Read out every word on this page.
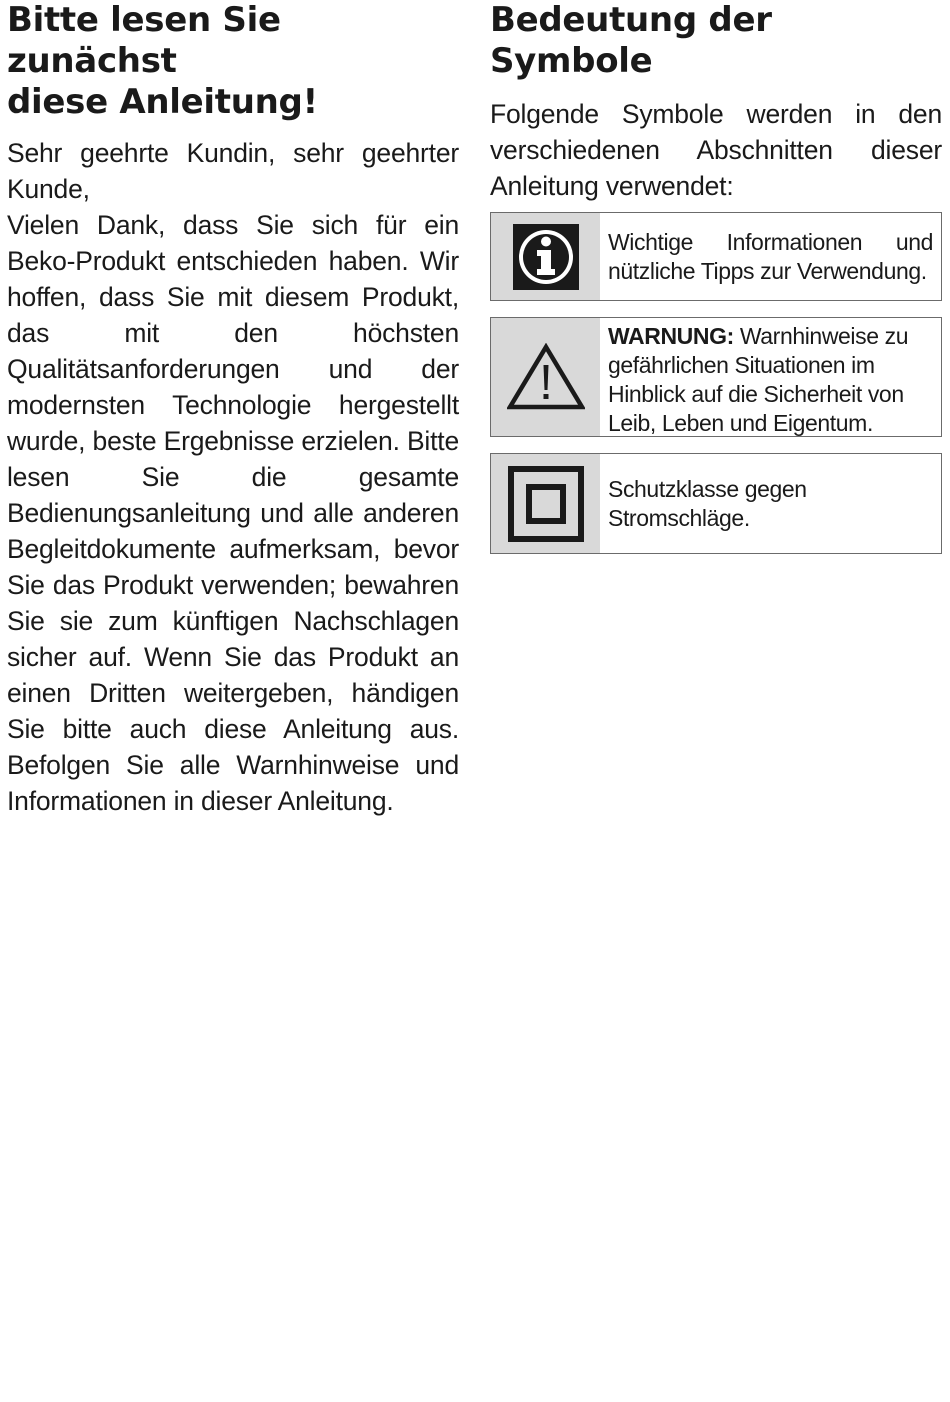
Bitte lesen Sie zunächst
diese Anleitung!
Sehr geehrte Kundin, sehr geehrter Kunde,
Vielen Dank, dass Sie sich für ein Beko-Produkt entschieden haben. Wir hoffen, dass Sie mit diesem Produkt, das mit den höchsten Qualitätsanforderungen und der modernsten Technologie hergestellt wurde, beste Ergebnisse erzielen. Bitte lesen Sie die gesamte Bedienungsanleitung und alle anderen Begleitdokumente aufmerksam, bevor Sie das Produkt verwenden; bewahren Sie sie zum künftigen Nachschlagen sicher auf. Wenn Sie das Produkt an einen Dritten weitergeben, händigen Sie bitte auch diese Anleitung aus. Befolgen Sie alle Warnhinweise und Informationen in dieser Anleitung.
Bedeutung der Symbole
Folgende Symbole werden in den verschiedenen Abschnitten dieser Anleitung verwendet:
Wichtige Informationen und nützliche Tipps zur Verwendung.
WARNUNG: Warnhinweise zu gefährlichen Situationen im Hinblick auf die Sicherheit von Leib, Leben und Eigentum.
Schutzklasse gegen Stromschläge.
